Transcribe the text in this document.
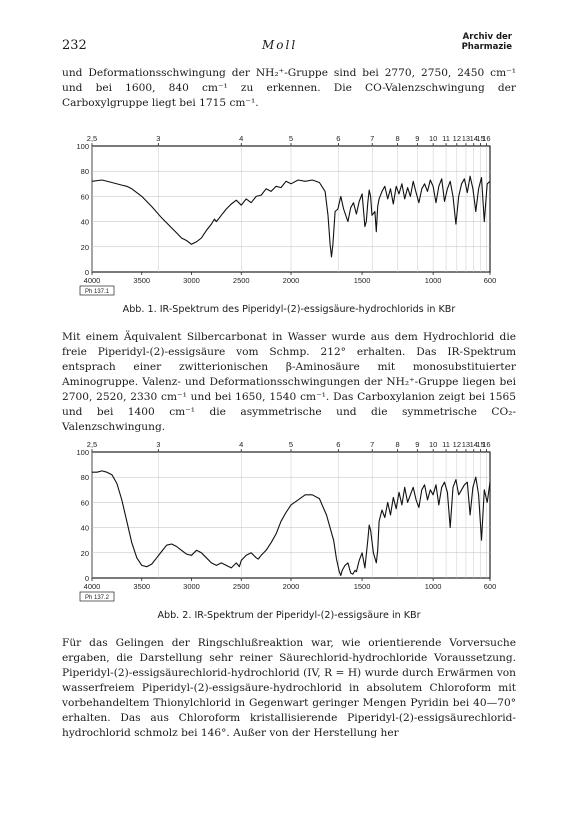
232	Moll
Archiv der
Pharmazie

und Deformationsschwingung der NH₂⁺-Gruppe sind bei 2770, 2750, 2450 cm⁻¹ und bei 1600, 840 cm⁻¹ zu erkennen. Die CO-Valenzschwingung der Carboxylgruppe liegt bei 1715 cm⁻¹.

0
20
40
60
80
100
4000	3500	3000	2500	2000	1500	1000	600
2,5	3	4	5	6	7	8 9 10 11 12 13 14
15
16
Ph 137.1
Abb. 1. IR-Spektrum des Piperidyl-(2)-essigsäure-hydrochlorids in KBr

Mit einem Äquivalent Silbercarbonat in Wasser wurde aus dem Hydrochlorid die freie Piperidyl-(2)-essigsäure vom Schmp. 212° erhalten. Das IR-Spektrum entsprach einer zwitterionischen β-Aminosäure mit monosubstituierter Aminogruppe. Valenz- und Deformationsschwingungen der NH₂⁺-Gruppe liegen bei 2700, 2520, 2330 cm⁻¹ und bei 1650, 1540 cm⁻¹. Das Carboxylanion zeigt bei 1565 und bei 1400 cm⁻¹ die asymmetrische und die symmetrische CO₂-Valenzschwingung.

0
20
40
60
80
100
4000	3500	3000	2500	2000	1500	1000	600
2,5	3	4	5	6	7	8 9 10 11 12 13 14
15
16
Ph 137.2
Abb. 2. IR-Spektrum der Piperidyl-(2)-essigsäure in KBr

Für das Gelingen der Ringschlußreaktion war, wie orientierende Vorversuche ergaben, die Darstellung sehr reiner Säurechlorid-hydrochloride Voraussetzung. Piperidyl-(2)-essigsäurechlorid-hydrochlorid (IV, R = H) wurde durch Erwärmen von wasserfreiem Piperidyl-(2)-essigsäure-hydrochlorid in absolutem Chloroform mit vorbehandeltem Thionylchlorid in Gegenwart geringer Mengen Pyridin bei 40—70° erhalten. Das aus Chloroform kristallisierende Piperidyl-(2)-essigsäurechlorid-hydrochlorid schmolz bei 146°. Außer von der Herstellung her
